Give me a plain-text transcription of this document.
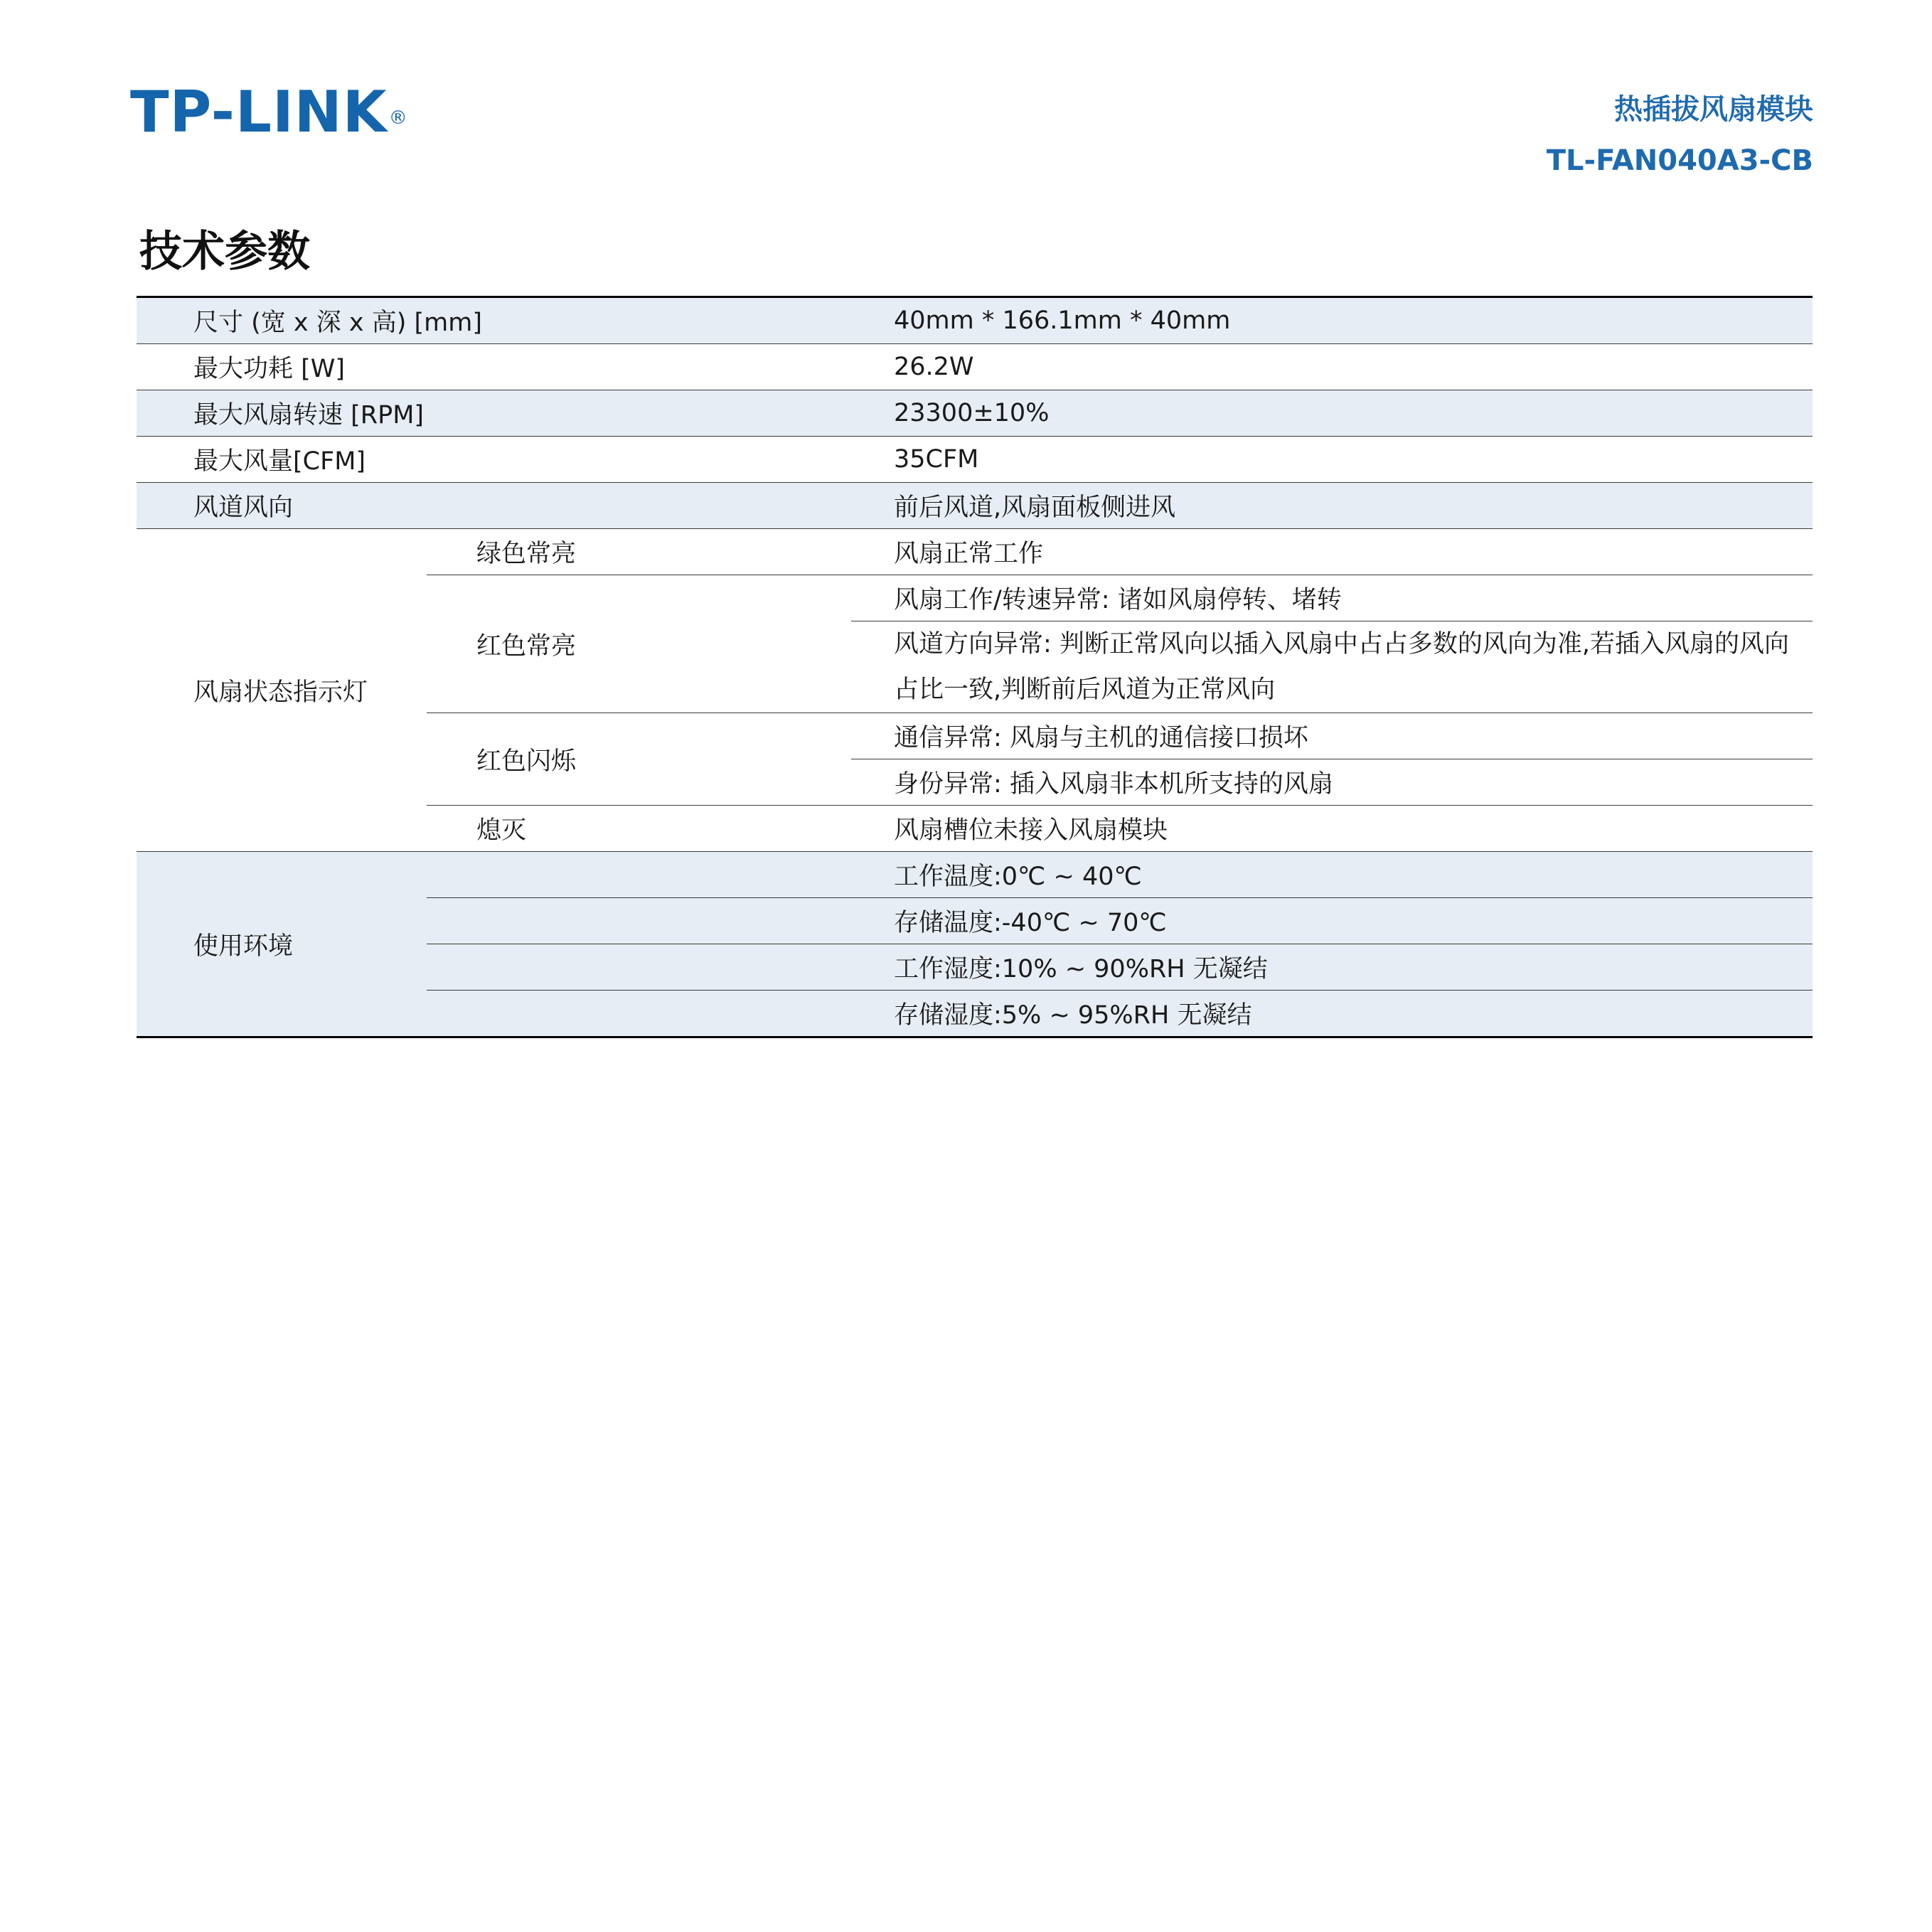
TP-LINK®	热插拔风扇模块
TL-FAN040A3-CB
技术参数
尺寸 (宽 x 深 x 高) [mm]		40mm * 166.1mm * 40mm
最大功耗 [W]		26.2W
最大风扇转速 [RPM]		23300±10%
最大风量[CFM]		35CFM
风道风向		前后风道,风扇面板侧进风
风扇状态指示灯	绿色常亮	风扇正常工作
	红色常亮	风扇工作/转速异常: 诸如风扇停转、堵转
		风道方向异常: 判断正常风向以插入风扇中占占多数的风向为准,若插入风扇的风向占比一致,判断前后风道为正常风向
	红色闪烁	通信异常: 风扇与主机的通信接口损坏
		身份异常: 插入风扇非本机所支持的风扇
	熄灭	风扇槽位未接入风扇模块
使用环境		工作温度:0℃ ~ 40℃
		存储温度:-40℃ ~ 70℃
		工作湿度:10% ~ 90%RH 无凝结
		存储湿度:5% ~ 95%RH 无凝结
